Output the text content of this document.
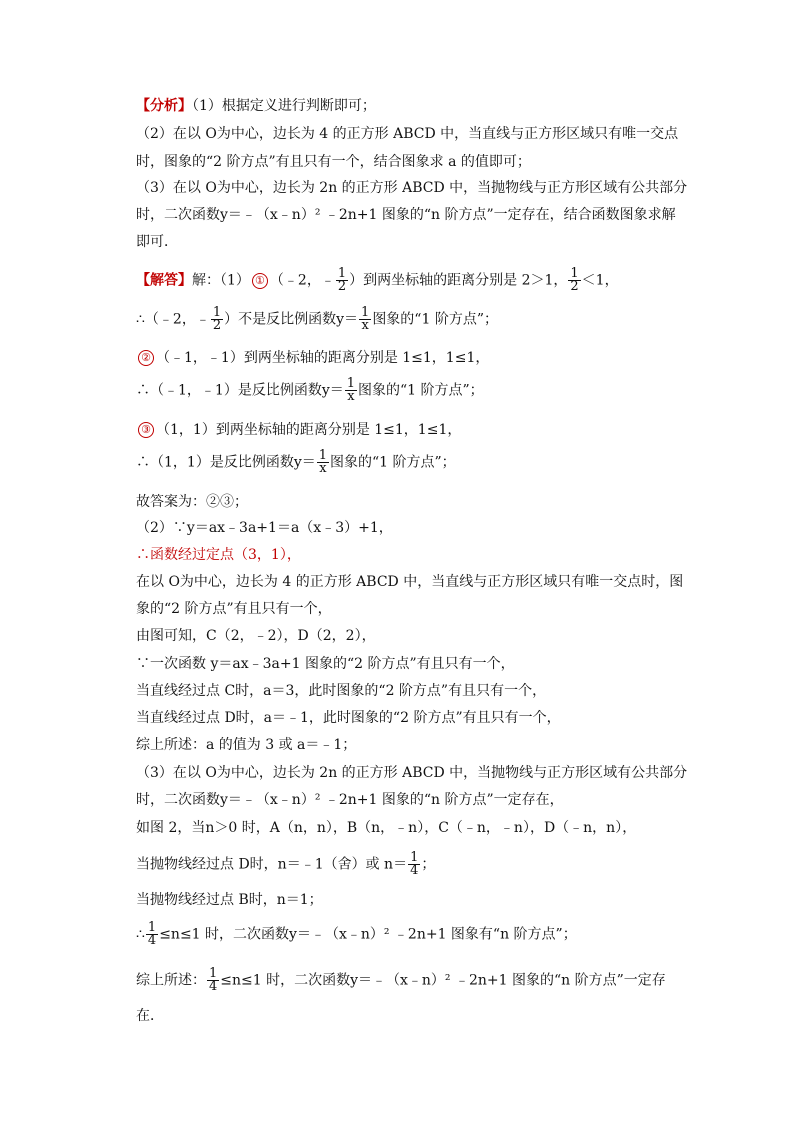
【分析】（1）根据定义进行判断即可；
（2）在以 O为中心，边长为 4 的正方形 ABCD 中，当直线与正方形区域只有唯一交点
时，图象的“2 阶方点”有且只有一个，结合图象求 a 的值即可；
（3）在以 O为中心，边长为 2n 的正方形 ABCD 中，当抛物线与正方形区域有公共部分
时，二次函数y＝﹣（x﹣n）² ﹣2n+1 图象的“n 阶方点”一定存在，结合函数图象求解
即可．
【解答】解：（1） ① （﹣2，﹣ $\frac{1}{2}$ ）到两坐标轴的距离分别是 2＞1， $\frac{1}{2} <1$，
∴（﹣2，﹣ $\frac{1}{2}$ ）不是反比例函数$y= \frac{1}{x}$ 图象的“1 阶方点”；
② （﹣1，﹣1）到两坐标轴的距离分别是 1≤1，1≤1，
∴（﹣1，﹣1）是反比例函数$y= \frac{1}{x}$ 图象的“1 阶方点”；
③ （1，1）到两坐标轴的距离分别是 1≤1，1≤1，
∴（1，1）是反比例函数$y= \frac{1}{x}$ 图象的“1 阶方点”；
故答案为：②③；
（2）∵y＝ax﹣3a+1＝a（x﹣3）+1，
∴函数经过定点（3，1），
在以 O为中心，边长为 4 的正方形 ABCD 中，当直线与正方形区域只有唯一交点时，图
象的“2 阶方点”有且只有一个，
由图可知，C（2，﹣2），D（2，2），
∵一次函数 y＝ax﹣3a+1 图象的“2 阶方点”有且只有一个，
当直线经过点 C时，a＝3，此时图象的“2 阶方点”有且只有一个，
当直线经过点 D时，a＝﹣1，此时图象的“2 阶方点”有且只有一个，
综上所述：a 的值为 3 或 a＝﹣1；
（3）在以 O为中心，边长为 2n 的正方形 ABCD 中，当抛物线与正方形区域有公共部分
时，二次函数y＝﹣（x﹣n）² ﹣2n+1 图象的“n 阶方点”一定存在，
如图 2，当n＞0 时，A（n，n），B（n，﹣n），C（﹣n，﹣n），D（﹣n，n），
当抛物线经过点 D时，n＝﹣1（舍）或 $n= \frac{1}{4}$ ；
当抛物线经过点 B时，n＝1；
∴ $\frac{1}{4} \le n\le 1$ 时，二次函数y＝﹣（x﹣n）² ﹣2n+1 图象有“n 阶方点”；
综上所述： $\frac{1}{4} \le n\le 1$ 时，二次函数y＝﹣（x﹣n）² ﹣2n+1 图象的“n 阶方点”一定存
在．
